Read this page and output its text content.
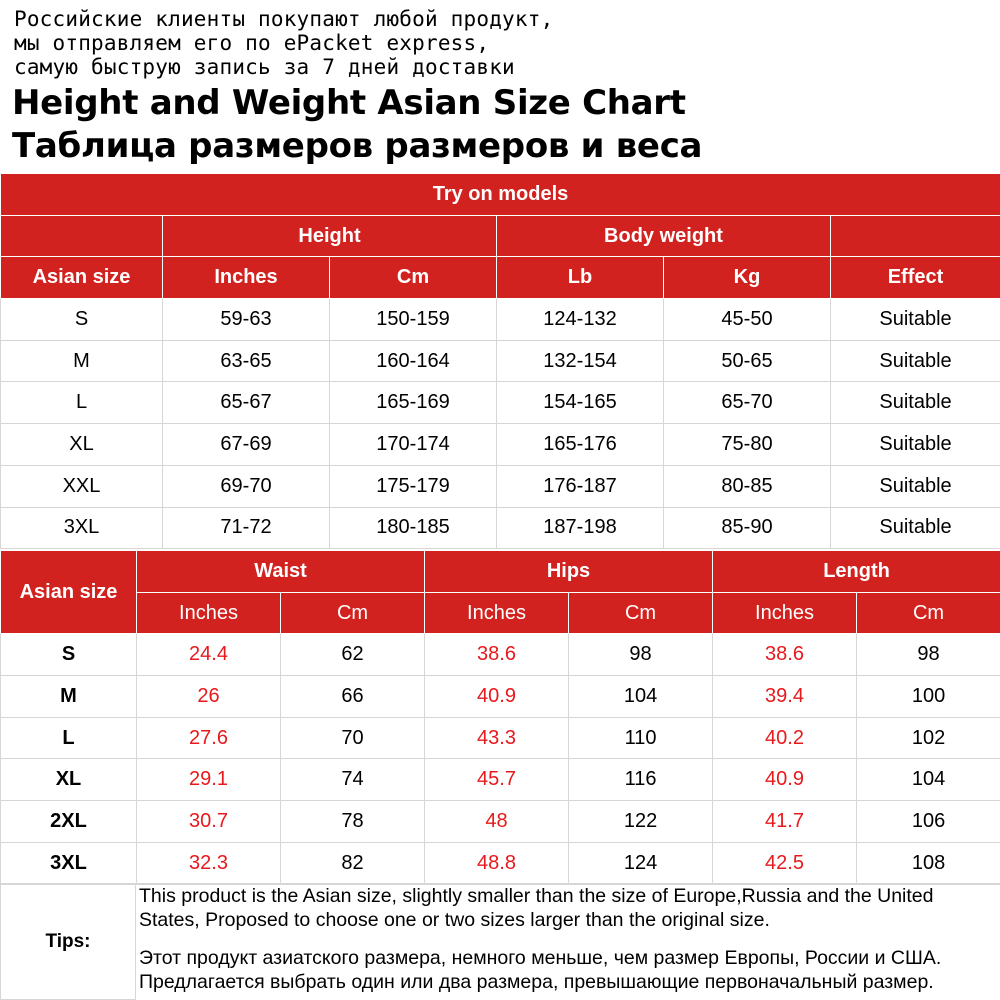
Российские клиенты покупают любой продукт,
мы отправляем его по ePacket express,
самую быструю запись за 7 дней доставки
Height and Weight Asian Size Chart
Таблица размеров размеров и веса
Try on models					
	Height		Body weight		
Asian size	Inches	Cm	Lb	Kg	Effect
S	59-63	150-159	124-132	45-50	Suitable
M	63-65	160-164	132-154	50-65	Suitable
L	65-67	165-169	154-165	65-70	Suitable
XL	67-69	170-174	165-176	75-80	Suitable
XXL	69-70	175-179	176-187	80-85	Suitable
3XL	71-72	180-185	187-198	85-90	Suitable
Asian size	Waist		Hips		Length	
	Inches	Cm	Inches	Cm	Inches	Cm
S	24.4	62	38.6	98	38.6	98
M	26	66	40.9	104	39.4	100
L	27.6	70	43.3	110	40.2	102
XL	29.1	74	45.7	116	40.9	104
2XL	30.7	78	48	122	41.7	106
3XL	32.3	82	48.8	124	42.5	108
Tips:

This product is the Asian size, slightly smaller than the size of Europe,Russia and the United

States, Proposed to choose one or two sizes larger than the original size.

Этот продукт азиатского размера, немного меньше, чем размер Европы, России и США.

Предлагается выбрать один или два размера, превышающие первоначальный размер.
